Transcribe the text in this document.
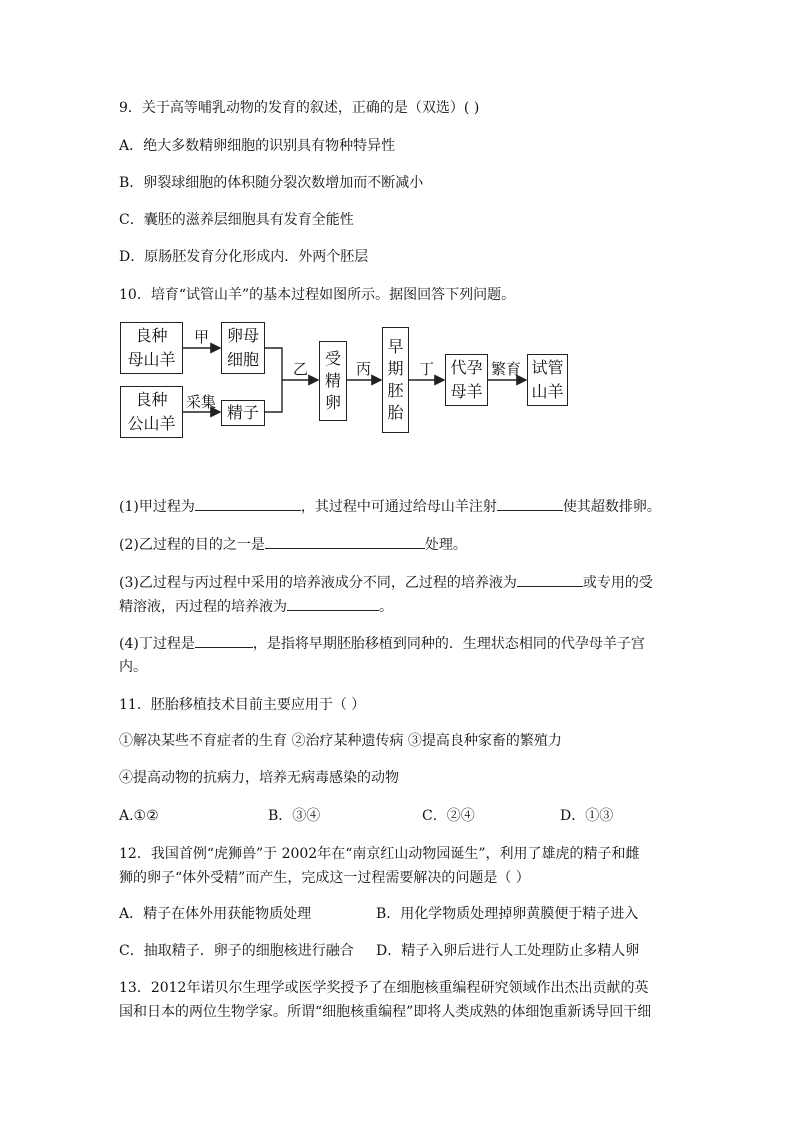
9．关于高等哺乳动物的发育的叙述，正确的是（双选）( )
A．绝大多数精卵细胞的识别具有物种特异性
B．卵裂球细胞的体积随分裂次数增加而不断减小
C．囊胚的滋养层细胞具有发育全能性
D．原肠胚发育分化形成内．外两个胚层
10．培育“试管山羊”的基本过程如图所示。据图回答下列问题。
良种
母山羊
良种
公山羊
卵母
细胞
精子
受
精
卵
早
期
胚
胎
代孕
母羊
试管
山羊
甲
采集
乙	丙	丁	繁育
(1)甲过程为	，其过程中可通过给母山羊注射	使其超数排卵。
(2)乙过程的目的之一是	处理。
(3)乙过程与丙过程中采用的培养液成分不同，乙过程的培养液为	或专用的受
精溶液，丙过程的培养液为	。
(4)丁过程是	，是指将早期胚胎移植到同种的．生理状态相同的代孕母羊子宫
内。
11．胚胎移植技术目前主要应用于（ ）
①解决某些不育症者的生育 ②治疗某种遗传病 ③提高良种家畜的繁殖力
④提高动物的抗病力，培养无病毒感染的动物
A.①②	B．③④	C．②④	D．①③
12．我国首例“虎狮兽”于 2002年在“南京红山动物园诞生”，利用了雄虎的精子和雌
狮的卵子“体外受精”而产生，完成这一过程需要解决的问题是（ ）
A．精子在体外用获能物质处理	B．用化学物质处理掉卵黄膜便于精子进入
C．抽取精子．卵子的细胞核进行融合 D．精子入卵后进行人工处理防止多精人卵
13．2012年诺贝尔生理学或医学奖授予了在细胞核重编程研究领域作出杰出贡献的英
国和日本的两位生物学家。所谓“细胞核重编程”即将人类成熟的体细饱重新诱导回干细
